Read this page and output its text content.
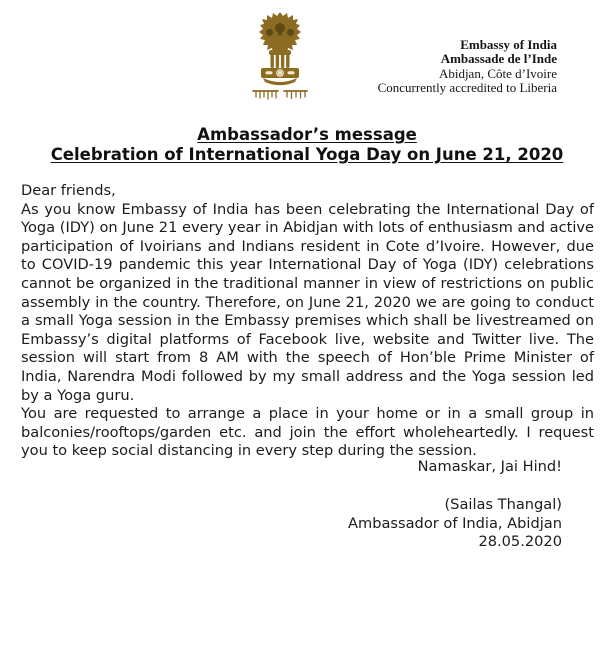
Embassy of India
Ambassade de l’Inde
Abidjan, Côte d’Ivoire
Concurrently accredited to Liberia
Ambassador’s message
Celebration of International Yoga Day on June 21, 2020

Dear friends,

As you know Embassy of India has been celebrating the International Day of Yoga (IDY) on June 21 every year in Abidjan with lots of enthusiasm and active participation of Ivoirians and Indians resident in Cote d’Ivoire. However, due to COVID-19 pandemic this year International Day of Yoga (IDY) celebrations cannot be organized in the traditional manner in view of restrictions on public assembly in the country. Therefore, on June 21, 2020 we are going to conduct a small Yoga session in the Embassy premises which shall be livestreamed on Embassy’s digital platforms of Facebook live, website and Twitter live. The session will start from 8 AM with the speech of Hon’ble Prime Minister of India, Narendra Modi followed by my small address and the Yoga session led by a Yoga guru.

You are requested to arrange a place in your home or in a small group in balconies/rooftops/garden etc. and join the effort wholeheartedly. I request you to keep social distancing in every step during the session.

Namaskar, Jai Hind!
(Sailas Thangal)
Ambassador of India, Abidjan
28.05.2020
